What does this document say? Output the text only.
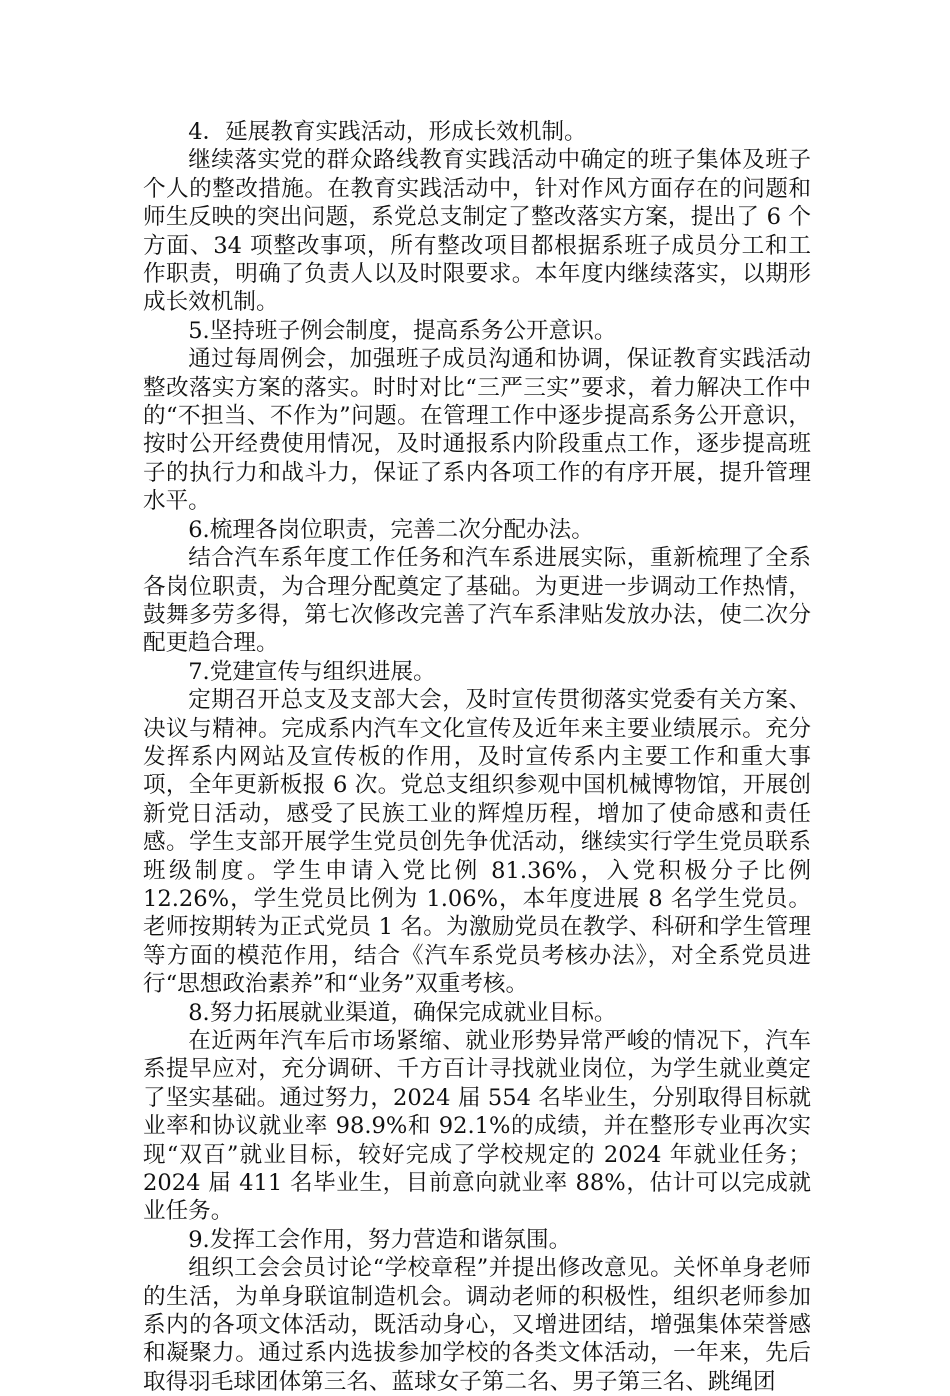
4．延展教育实践活动，形成长效机制。

继续落实党的群众路线教育实践活动中确定的班子集体及班子个人的整改措施。在教育实践活动中，针对作风方面存在的问题和师生反映的突出问题，系党总支制定了整改落实方案，提出了 6 个方面、34 项整改事项，所有整改项目都根据系班子成员分工和工作职责，明确了负责人以及时限要求。本年度内继续落实，以期形成长效机制。

5.坚持班子例会制度，提高系务公开意识。

通过每周例会，加强班子成员沟通和协调，保证教育实践活动整改落实方案的落实。时时对比“三严三实”要求，着力解决工作中的“不担当、不作为”问题。在管理工作中逐步提高系务公开意识，按时公开经费使用情况，及时通报系内阶段重点工作，逐步提高班子的执行力和战斗力，保证了系内各项工作的有序开展，提升管理水平。

6.梳理各岗位职责，完善二次分配办法。

结合汽车系年度工作任务和汽车系进展实际，重新梳理了全系各岗位职责，为合理分配奠定了基础。为更进一步调动工作热情，鼓舞多劳多得，第七次修改完善了汽车系津贴发放办法，使二次分配更趋合理。

7.党建宣传与组织进展。

定期召开总支及支部大会，及时宣传贯彻落实党委有关方案、决议与精神。完成系内汽车文化宣传及近年来主要业绩展示。充分发挥系内网站及宣传板的作用，及时宣传系内主要工作和重大事项，全年更新板报 6 次。党总支组织参观中国机械博物馆，开展创新党日活动，感受了民族工业的辉煌历程，增加了使命感和责任感。学生支部开展学生党员创先争优活动，继续实行学生党员联系班级制度。学生申请入党比例 81.36%，入党积极分子比例 12.26%，学生党员比例为 1.06%，本年度进展 8 名学生党员。老师按期转为正式党员 1 名。为激励党员在教学、科研和学生管理等方面的模范作用，结合《汽车系党员考核办法》，对全系党员进行“思想政治素养”和“业务”双重考核。

8.努力拓展就业渠道，确保完成就业目标。

在近两年汽车后市场紧缩、就业形势异常严峻的情况下，汽车系提早应对，充分调研、千方百计寻找就业岗位，为学生就业奠定了坚实基础。通过努力，2024 届 554 名毕业生，分别取得目标就业率和协议就业率 98.9%和 92.1%的成绩，并在整形专业再次实现“双百”就业目标，较好完成了学校规定的 2024 年就业任务；2024 届 411 名毕业生，目前意向就业率 88%，估计可以完成就业任务。

9.发挥工会作用，努力营造和谐氛围。

组织工会会员讨论“学校章程”并提出修改意见。关怀单身老师的生活，为单身联谊制造机会。调动老师的积极性，组织老师参加系内的各项文体活动，既活动身心，又增进团结，增强集体荣誉感和凝聚力。通过系内选拔参加学校的各类文体活动，一年来，先后取得羽毛球团体第三名、蓝球女子第二名、男子第三名、跳绳团
